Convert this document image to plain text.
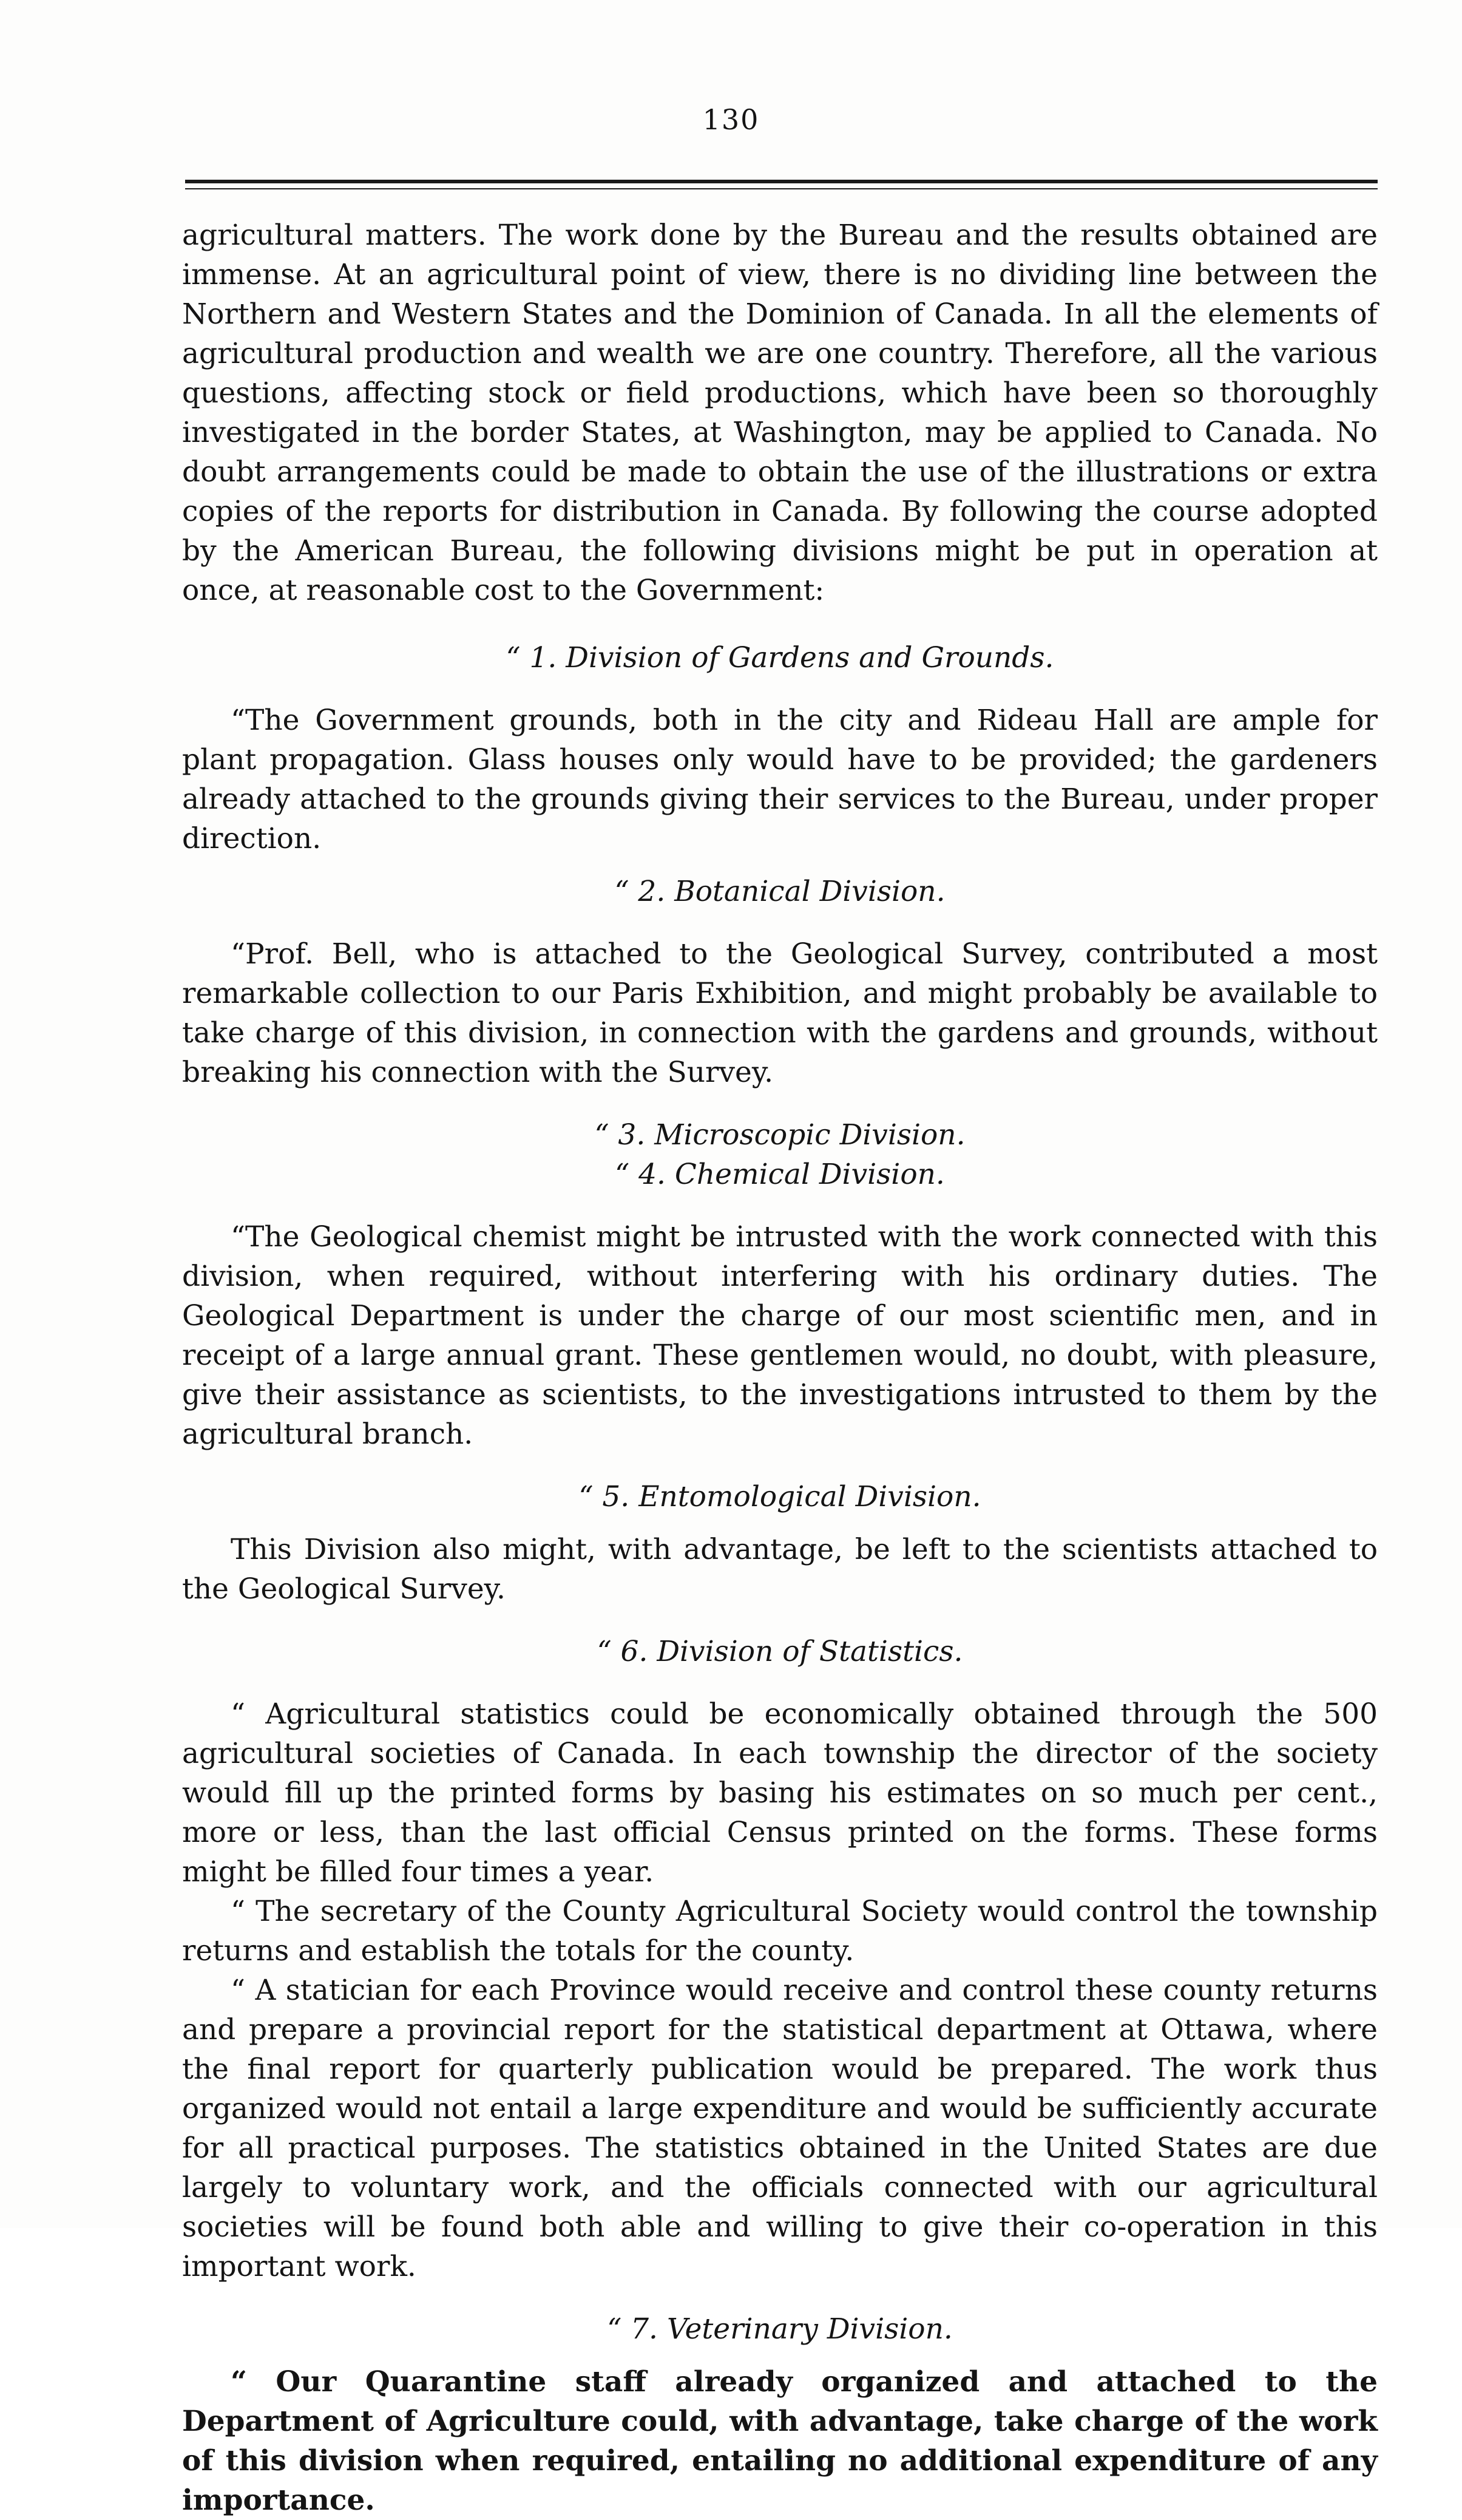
130

agricultural matters. The work done by the Bureau and the results obtained are immense. At an agricultural point of view, there is no dividing line between the Northern and Western States and the Dominion of Canada. In all the elements of agricultural production and wealth we are one country. Therefore, all the various questions, affecting stock or field productions, which have been so thoroughly investigated in the border States, at Washington, may be applied to Canada. No doubt arrangements could be made to obtain the use of the illustrations or extra copies of the reports for distribution in Canada. By following the course adopted by the American Bureau, the following divisions might be put in operation at once, at reasonable cost to the Government:

“ 1. Division of Gardens and Grounds.

“The Government grounds, both in the city and Rideau Hall are ample for plant propagation. Glass houses only would have to be provided; the gardeners already attached to the grounds giving their services to the Bureau, under proper direction.

“ 2. Botanical Division.

“Prof. Bell, who is attached to the Geological Survey, contributed a most remarkable collection to our Paris Exhibition, and might probably be available to take charge of this division, in connection with the gardens and grounds, without breaking his connection with the Survey.

“ 3. Microscopic Division.

“ 4. Chemical Division.

“The Geological chemist might be intrusted with the work connected with this division, when required, without interfering with his ordinary duties. The Geological Department is under the charge of our most scientific men, and in receipt of a large annual grant. These gentlemen would, no doubt, with pleasure, give their assistance as scientists, to the investigations intrusted to them by the agricultural branch.

“ 5. Entomological Division.

This Division also might, with advantage, be left to the scientists attached to the Geological Survey.

“ 6. Division of Statistics.

“ Agricultural statistics could be economically obtained through the 500 agricultural societies of Canada. In each township the director of the society would fill up the printed forms by basing his estimates on so much per cent., more or less, than the last official Census printed on the forms. These forms might be filled four times a year.

“ The secretary of the County Agricultural Society would control the township returns and establish the totals for the county.

“ A statician for each Province would receive and control these county returns and prepare a provincial report for the statistical department at Ottawa, where the final report for quarterly publication would be prepared. The work thus organized would not entail a large expenditure and would be sufficiently accurate for all practical purposes. The statistics obtained in the United States are due largely to voluntary work, and the officials connected with our agricultural societies will be found both able and willing to give their co-operation in this important work.

“ 7. Veterinary Division.

“ Our Quarantine staff already organized and attached to the Department of Agriculture could, with advantage, take charge of the work of this division when required, entailing no additional expenditure of any importance.
